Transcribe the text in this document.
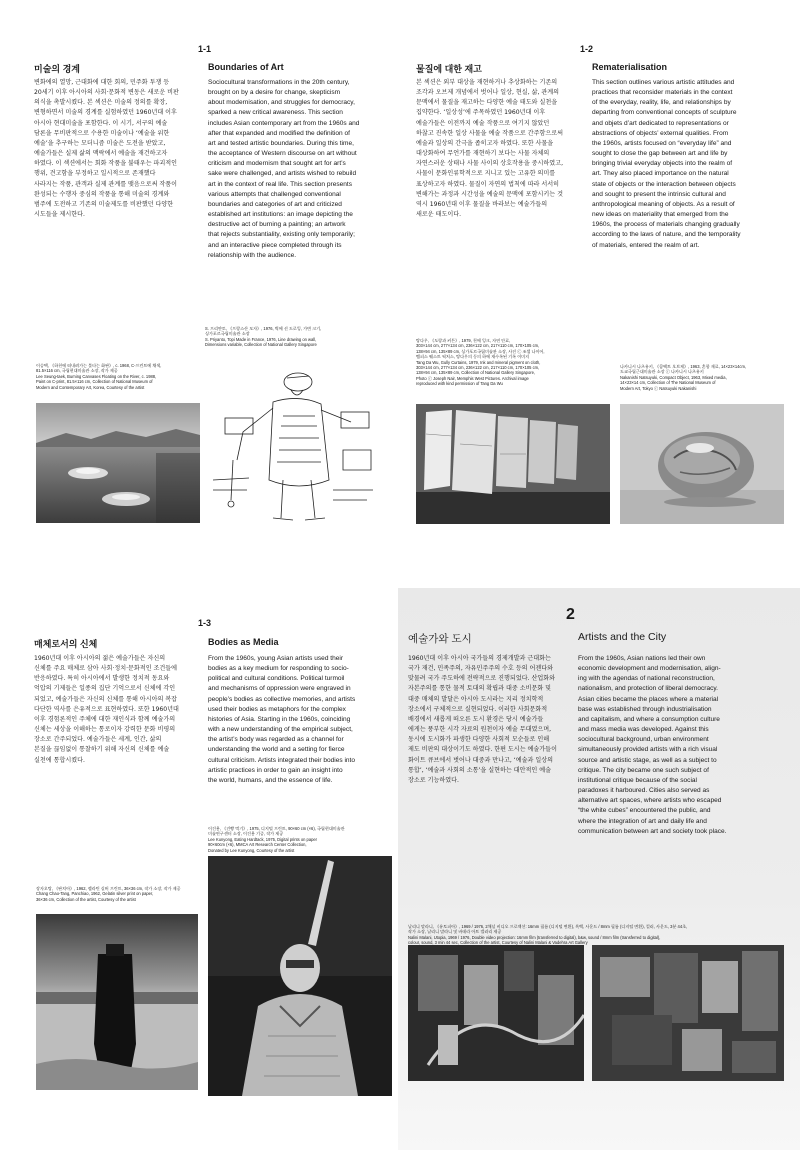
1-1
미술의 경계	Boundaries of Art
변화에의 열망, 근대화에 대한 회의, 민주화 투쟁 등
20세기 이후 아시아의 사회·문화적 변동은 새로운 비판
의식을 촉발시켰다. 본 섹션은 미술의 정의를 확장,
변형하면서 미술의 경계를 실험하였던 1960년대 이후
아시아 현대미술을 포함한다. 이 시기, 서구의 예술
담론을 무비판적으로 수용한 미술이나 ‘예술을 위한
예술’을 추구하는 모더니즘 미술은 도전을 받았고,
예술가들은 실제 삶의 맥락에서 예술을 재건하고자
하였다. 이 섹션에서는 회화 작품을 불태우는 파괴적인
행위, 견고함을 부정하고 일시적으로 존재했다
사라지는 작품, 관객과 실제 관계를 맺음으로써 작품이
완성되는 수행자 중심의 작품을 통해 미술의 경계와
범주에 도전하고 기존의 미술제도를 비판했던 다양한
시도들을 제시한다.
Sociocultural transformations in the 20th century,
brought on by a desire for change, skepticism
about modernisation, and struggles for democracy,
sparked a new critical awareness. This section
includes Asian contemporary art from the 1960s and
after that expanded and modified the definition of
art and tested artistic boundaries. During this time,
the acceptance of Western discourse on art without
criticism and modernism that sought art for art’s
sake were challenged, and artists wished to rebuild
art in the context of real life. This section presents
various attempts that challenged conventional
boundaries and categories of art and criticized
established art institutions: an image depicting the
destructive act of burning a painting; an artwork
that rejects substantiality, existing only temporarily;
and an interactive piece completed through its
relationship with the audience.
1-2
물질에 대한 재고	Rematerialisation
본 섹션은 외부 대상을 재현하거나 추상화하는 기존의
조각과 오브제 개념에서 벗어나 일상, 현실, 삶, 관계의
문맥에서 물질을 재고하는 다양한 예술 태도와 실천을
집약한다. ‘일상성’에 주목하였던 1960년대 이후
예술가들은 이전까지 예술 작품으로 여기지 않았던
하찮고 진속한 일상 사물을 예술 작품으로 간주함으로써
예술과 일상의 간극을 좁히고자 하였다. 또한 사물을
대상화하여 무언가를 재현하기 보다는 사물 자체의
자연스러운 상태나 사물 사이의 상호작용을 중시하였고,
사물이 문화인류학적으로 지니고 있는 고유한 의미를
표상하고자 하였다. 물질이 자연의 법칙에 따라 서서히
변해가는 과정과 시간성을 예술의 문맥에 포함시키는 것
역시 1960년대 이후 물질을 바라보는 예술가들의
새로운 태도이다.
This section outlines various artistic attitudes and
practices that reconsider materials in the context
of the everyday, reality, life, and relationships by
departing from conventional concepts of sculpture
and objets d’art dedicated to representations or
abstractions of objects’ external qualities. From
the 1960s, artists focused on “everyday life” and
sought to close the gap between art and life by
bringing trivial everyday objects into the realm of
art. They also placed importance on the natural
state of objects or the interaction between objects
and sought to present the intrinsic cultural and
anthropological meaning of objects. As a result of
new ideas on materiality that emerged from the
1960s, the process of materials changing gradually
according to the laws of nature, and the temporality
of materials, entered the realm of art.
이승택, 《하천에 떠내려가는 불타는 화판》, c. 1968, C-프린트에 채색,
81.5×116 cm, 국립현대미술관 소장, 작가 제공
Lee Seung-taek, Burning Canvases Floating on the River, c. 1988,
Paint on C-print, 81.5×116 cm, Collection of National Museum of
Modern and Contemporary Art, Korea, Courtesy of the artist
S. 프리얀토, 《프랑스산 모자》, 1976, 벽에 선 드로잉, 가변 크기,
싱가포르국립미술관 소장
S. Priyanto, Topi Made in France, 1976, Line drawing on wall,
Dimensions variable, Collection of National Gallery Singapore
탕다우, 《도랑과 커튼》, 1979, 천에 잉크, 자연 안료,
303×144 cm, 277×134 cm, 236×122 cm, 217×110 cm, 170×105 cm,
138×94 cm, 135×89 cm, 싱가포르국립미술관 소장, 사진 ⓒ 조셉 나이어,
멤피스 웨스트 픽처스, 탕다우의 동의 하에 재수록된 기록 이미지
Tang Da Wu, Gully Curtains, 1979, Ink and mineral pigment on cloth,
303×144 cm, 277×134 cm, 236×122 cm, 217×110 cm, 170×105 cm,
138×94 cm, 135×89 cm, Collection of National Gallery Singapore,
Photo ⓒ Joseph Nair, Memphis West Pictures. Archival image
reproduced with kind permission of Tang Da Wu
나카니시 나츠유키, 《콤팩트 오브제》, 1963, 혼합 재료, 14×23×14cm,
도쿄국립근대미술관 소장 ⓒ 나카니시 나츠유키
Nakanishi Natsuyuki, Compact Object, 1963, Mixed media,
14×23×14 cm, Collection of The National Museum of
Modern Art, Tokyo ⓒ Natsuyuki Nakanishi
1-3
매체로서의 신체	Bodies as Media
1960년대 이후 아시아의 젊은 예술가들은 자신의
신체를 주요 매체로 삼아 사회·정치·문화적인 조건들에
반응하였다. 특히 아시아에서 발생한 정치적 동요와
억압의 기제들은 일종의 집단 기억으로서 신체에 각인
되었고, 예술가들은 자신의 신체를 통해 아시아의 복잡
다단한 역사를 은유적으로 표현하였다. 또한 1960년대
이후 경험론적인 주체에 대한 재인식과 함께 예술가의
신체는 세상을 이해하는 통로이자 강력한 문화 비평의
장소로 간주되었다. 예술가들은 세계, 인간, 삶의
본질을 끊임없이 통찰하기 위해 자신의 신체를 예술
실천에 통합시켰다.
From the 1960s, young Asian artists used their
bodies as a key medium for responding to socio-
political and cultural conditions. Political turmoil
and mechanisms of oppression were engraved in
people’s bodies as collective memories, and artists
used their bodies as metaphors for the complex
histories of Asia. Starting in the 1960s, coinciding
with a new understanding of the empirical subject,
the artist’s body was regarded as a channel for
understanding the world and a setting for fierce
cultural criticism. Artists integrated their bodies into
artistic practices in order to gain an insight into
the world, humans, and the essence of life.
2
예술가와 도시	Artists and the City
1960년대 이후 아시아 국가들의 경제개발과 근대화는
국가 재건, 민족주의, 자유민주주의 수호 등의 어젠다와
맞물려 국가 주도하에 전략적으로 진행되었다. 산업화와
자본주의를 통한 물적 토대의 확립과 대중 소비문화 및
대중 매체의 발달은 아시아 도시라는 지리 정치학적
장소에서 구체적으로 실현되었다. 이러한 사회문화적
배경에서 새롭게 떠오른 도시 환경은 당시 예술가들
에게는 풍부한 시각 자료의 원천이자 예술 무대였으며,
동시에 도시화가 파생한 다양한 사회적 모순들로 인해
제도 비판의 대상이기도 하였다. 한편 도시는 예술가들이
화이트 큐브에서 벗어나 대중과 만나고, ‘예술과 일상의
통합’, ‘예술과 사회의 소통’을 실현하는 대안적인 예술
장소로 기능하였다.
From the 1960s, Asian nations led their own
economic development and modernisation, align-
ing with the agendas of national reconstruction,
nationalism, and protection of liberal democracy.
Asian cities became the places where a material
base was established through industrialisation
and capitalism, and where a consumption culture
and mass media was developed. Against this
sociocultural background, urban environment
simultaneously provided artists with a rich visual
source and artistic stage, as well as a subject to
critique. The city became one such subject of
institutional critique because of the social
paradoxes it harboured. Cities also served as
alternative art spaces, where artists who escaped
“the white cubes” encountered the public, and
where the integration of art and daily life and
communication between art and society took place.
장자오탕, 《판치아》, 1962, 젤라틴 실버 프린트, 36×36 cm, 작가 소장, 작가 제공
Chang Chao-Tang, Panchiao, 1962, Gelatin silver print on paper,
36×36 cm, Collection of the artist, Courtesy of the artist
이건용, 《건빵 먹기》, 1975, 디지털 프린트, 90×60 cm (×6), 국립현대미술관
미술연구센터 소장, 이건용 기증, 작가 제공
Lee Kunyong, Eating Hardtack, 1975, Digital prints on paper
90×60cm (×6), MMCA Art Research Center Collection,
Donated by Lee Kunyong, Courtesy of the artist
날리니 말라니, 《유토피아》, 1969 / 1976, 2채널 비디오 프로젝션: 16mm 필름 (디지털 변환), 흑백, 사운드 / 8mm 필름 (디지털 변환), 컬러, 사운드, 3분 44초,
작가 소장, 날리니 말라니 및 바데라 아트 갤러리 제공
Nalini Malani, Utopia, 1969 / 1976, Double video projection: 16mm film (transferred to digital), b&w, sound / 8mm film (transferred to digital),
colour, sound, 3 min 44 sec, Collection of the artist, Courtesy of Nalini Malani & Vadehra Art Gallery
